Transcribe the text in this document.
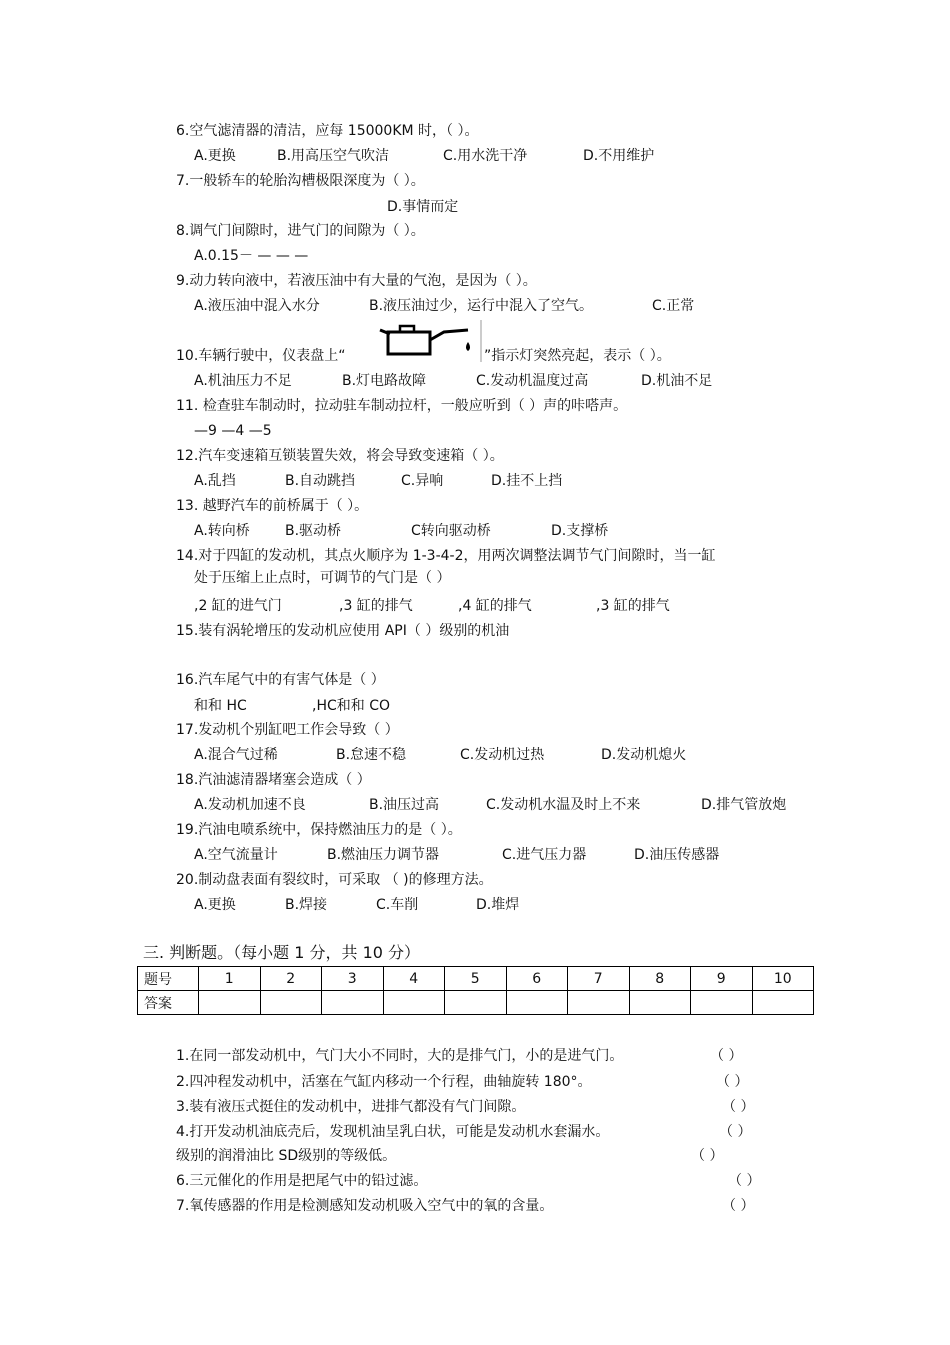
6.空气滤清器的清洁，应每 15000KM 时，（ ）。
A.更换	B.用高压空气吹洁	C.用水洗干净	D.不用维护
7.一般轿车的轮胎沟槽极限深度为（ ）。
D.事情而定
8.调气门间隙时，进气门的间隙为（ ）。
A.0.15－ — — —
9.动力转向液中，若液压油中有大量的气泡，是因为（ ）。
A.液压油中混入水分	B.液压油过少，运行中混入了空气。	C.正常
10.车辆行驶中，仪表盘上“	”指示灯突然亮起，表示（ ）。
A.机油压力不足	B.灯电路故障	C.发动机温度过高	D.机油不足
11. 检查驻车制动时，拉动驻车制动拉杆，一般应听到（ ）声的咔嗒声。
—9 —4 —5
12.汽车变速箱互锁装置失效，将会导致变速箱（ ）。
A.乱挡	B.自动跳挡	C.异响	D.挂不上挡
13. 越野汽车的前桥属于（ ）。
A.转向桥	B.驱动桥	C转向驱动桥	D.支撑桥
14.对于四缸的发动机，其点火顺序为 1-3-4-2，用两次调整法调节气门间隙时，当一缸
处于压缩上止点时，可调节的气门是（ ）
,2 缸的进气门	,3 缸的排气	,4 缸的排气	,3 缸的排气
15.装有涡轮增压的发动机应使用 API（ ）级别的机油
16.汽车尾气中的有害气体是（ ）
和和 HC	,HC和和 CO
17.发动机个别缸吧工作会导致（ ）
A.混合气过稀	B.怠速不稳	C.发动机过热	D.发动机熄火
18.汽油滤清器堵塞会造成（ ）
A.发动机加速不良	B.油压过高	C.发动机水温及时上不来	D.排气管放炮
19.汽油电喷系统中，保持燃油压力的是（ ）。
A.空气流量计	B.燃油压力调节器	C.进气压力器	D.油压传感器
20.制动盘表面有裂纹时，可采取 （ )的修理方法。
A.更换	B.焊接	C.车削	D.堆焊
三. 判断题。（每小题 1 分，共 10 分）
题号	1	2	3	4	5	6	7	8	9	10
答案										
1.在同一部发动机中，气门大小不同时，大的是排气门，小的是进气门。	（ ）
2.四冲程发动机中，活塞在气缸内移动一个行程，曲轴旋转 180°。	（ ）
3.装有液压式挺住的发动机中，进排气都没有气门间隙。	（ ）
4.打开发动机油底壳后，发现机油呈乳白状，可能是发动机水套漏水。	（ ）
级别的润滑油比 SD级别的等级低。	（ ）
6.三元催化的作用是把尾气中的铅过滤。	（ ）
7.氧传感器的作用是检测感知发动机吸入空气中的氧的含量。	（ ）
